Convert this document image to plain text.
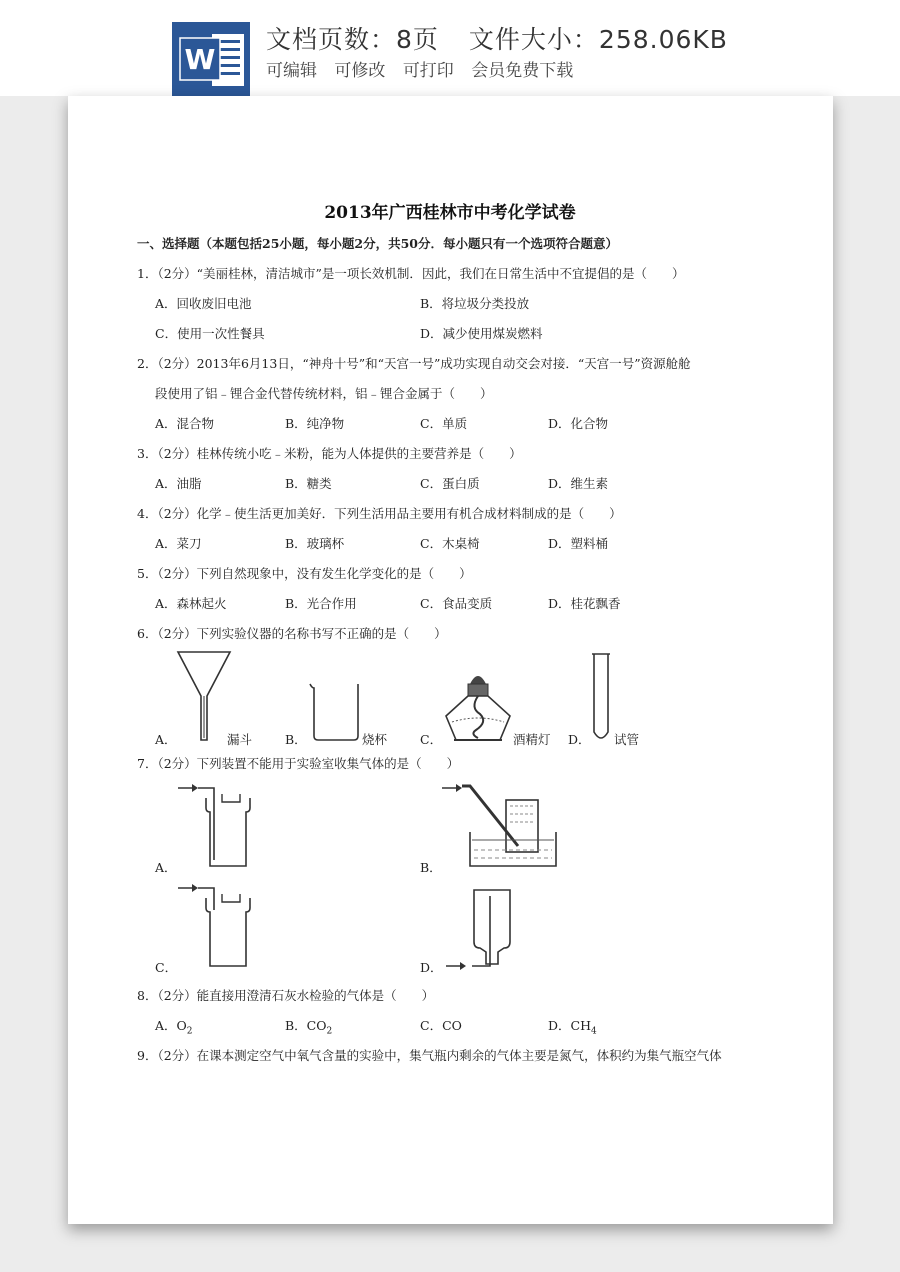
W
文档页数：8页 文件大小：258.06KB
可编辑 可修改 可打印 会员免费下载
2013年广西桂林市中考化学试卷
一、选择题（本题包括25小题，每小题2分，共50分．每小题只有一个选项符合题意）
1．（2分）“美丽桂林，清洁城市”是一项长效机制．因此，我们在日常生活中不宜提倡的是（　　）
A．回收废旧电池	B．将垃圾分类投放
C．使用一次性餐具	D．减少使用煤炭燃料
2．（2分）2013年6月13日，“神舟十号”和“天宫一号”成功实现自动交会对接．“天宫一号”资源舱舱
段使用了铝﹣锂合金代替传统材料，铝﹣锂合金属于（　　）
A．混合物	B．纯净物	C．单质	D．化合物
3．（2分）桂林传统小吃﹣米粉，能为人体提供的主要营养是（　　）
A．油脂	B．糖类	C．蛋白质	D．维生素
4．（2分）化学﹣使生活更加美好．下列生活用品主要用有机合成材料制成的是（　　）
A．菜刀	B．玻璃杯	C．木桌椅	D．塑料桶
5．（2分）下列自然现象中，没有发生化学变化的是（　　）
A．森林起火	B．光合作用	C．食品变质	D．桂花飘香
6．（2分）下列实验仪器的名称书写不正确的是（　　）
A．	漏斗	B．	烧杯	C．	酒精灯 D． 试管
7．（2分）下列装置不能用于实验室收集气体的是（　　）
A．	B．
C．	D．
8．（2分）能直接用澄清石灰水检验的气体是（　　）
A．$O_2$	B．$CO_2$	C．CO	D．$CH_4$
9．（2分）在课本测定空气中氧气含量的实验中，集气瓶内剩余的气体主要是氮气，体积约为集气瓶空气体
